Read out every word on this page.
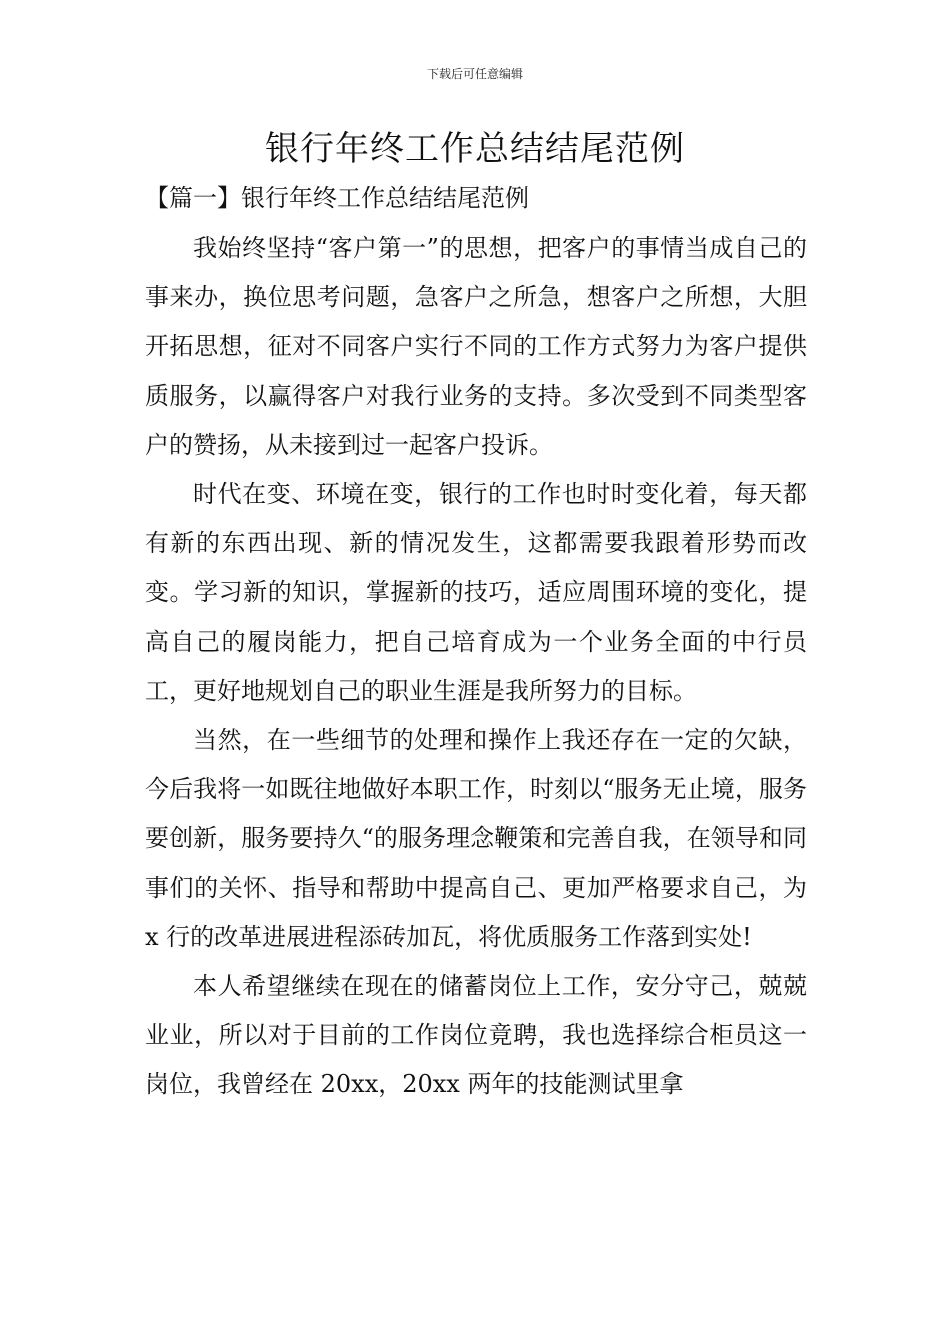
下载后可任意编辑
银行年终工作总结结尾范例
【篇一】银行年终工作总结结尾范例

我始终坚持“客户第一”的思想，把客户的事情当成自己的事来办，换位思考问题，急客户之所急，想客户之所想，大胆开拓思想，征对不同客户实行不同的工作方式努力为客户提供质服务，以赢得客户对我行业务的支持。多次受到不同类型客户的赞扬，从未接到过一起客户投诉。

时代在变、环境在变，银行的工作也时时变化着，每天都有新的东西出现、新的情况发生，这都需要我跟着形势而改变。学习新的知识，掌握新的技巧，适应周围环境的变化，提高自己的履岗能力，把自己培育成为一个业务全面的中行员工，更好地规划自己的职业生涯是我所努力的目标。

当然，在一些细节的处理和操作上我还存在一定的欠缺，今后我将一如既往地做好本职工作，时刻以“服务无止境，服务要创新，服务要持久“的服务理念鞭策和完善自我，在领导和同事们的关怀、指导和帮助中提高自己、更加严格要求自己，为 x 行的改革进展进程添砖加瓦，将优质服务工作落到实处!

本人希望继续在现在的储蓄岗位上工作，安分守己，兢兢业业，所以对于目前的工作岗位竟聘，我也选择综合柜员这一岗位，我曾经在 20xx，20xx 两年的技能测试里拿
